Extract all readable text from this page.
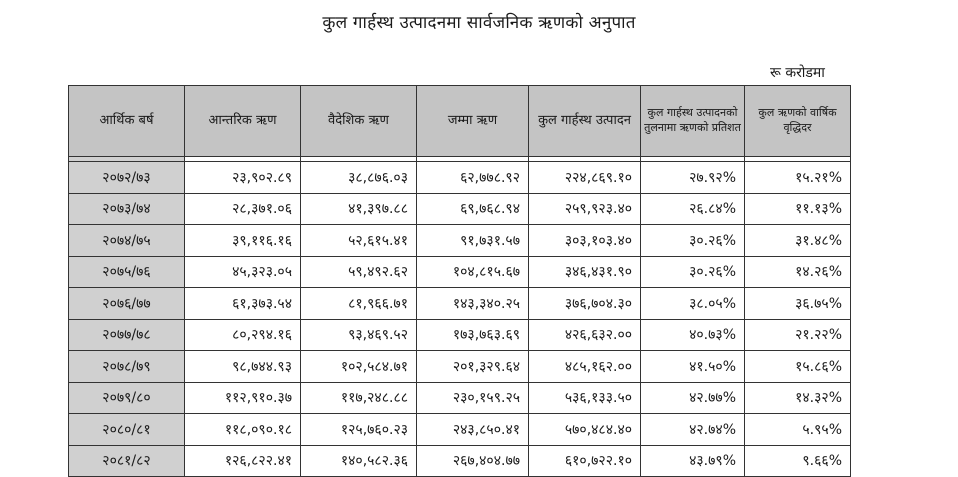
कुल गार्हस्थ उत्पादनमा सार्वजनिक ऋणको अनुपात
रू करोडमा
आर्थिक बर्ष	आन्तरिक ऋण	वैदेशिक ऋण	जम्मा ऋण	कुल गार्हस्थ उत्पादन	कुल गार्हस्थ उत्पादनको तुलनामा ऋणको प्रतिशत	कुल ऋणको वार्षिक वृद्धिदर

२०७२/७३	२३,९०२.८९	३८,८७६.०३	६२,७७८.९२	२२४,८६९.१०	२७.९२%	१५.२१%
२०७३/७४	२८,३७१.०६	४१,३९७.८८	६९,७६८.९४	२५९,९२३.४०	२६.८४%	११.१३%
२०७४/७५	३९,११६.१६	५२,६१५.४१	९१,७३१.५७	३०३,१०३.४०	३०.२६%	३१.४८%
२०७५/७६	४५,३२३.०५	५९,४९२.६२	१०४,८१५.६७	३४६,४३१.९०	३०.२६%	१४.२६%
२०७६/७७	६१,३७३.५४	८१,९६६.७१	१४३,३४०.२५	३७६,७०४.३०	३८.०५%	३६.७५%
२०७७/७८	८०,२९४.१६	९३,४६९.५२	१७३,७६३.६९	४२६,६३२.००	४०.७३%	२१.२२%
२०७८/७९	९८,७४४.९३	१०२,५८४.७१	२०१,३२९.६४	४८५,१६२.००	४१.५०%	१५.८६%
२०७९/८०	११२,९१०.३७	११७,२४८.८८	२३०,१५९.२५	५३६,१३३.५०	४२.७७%	१४.३२%
२०८०/८१	११८,०९०.१८	१२५,७६०.२३	२४३,८५०.४१	५७०,४८४.४०	४२.७४%	५.९५%
२०८१/८२	१२६,८२२.४१	१४०,५८२.३६	२६७,४०४.७७	६१०,७२२.१०	४३.७९%	९.६६%
